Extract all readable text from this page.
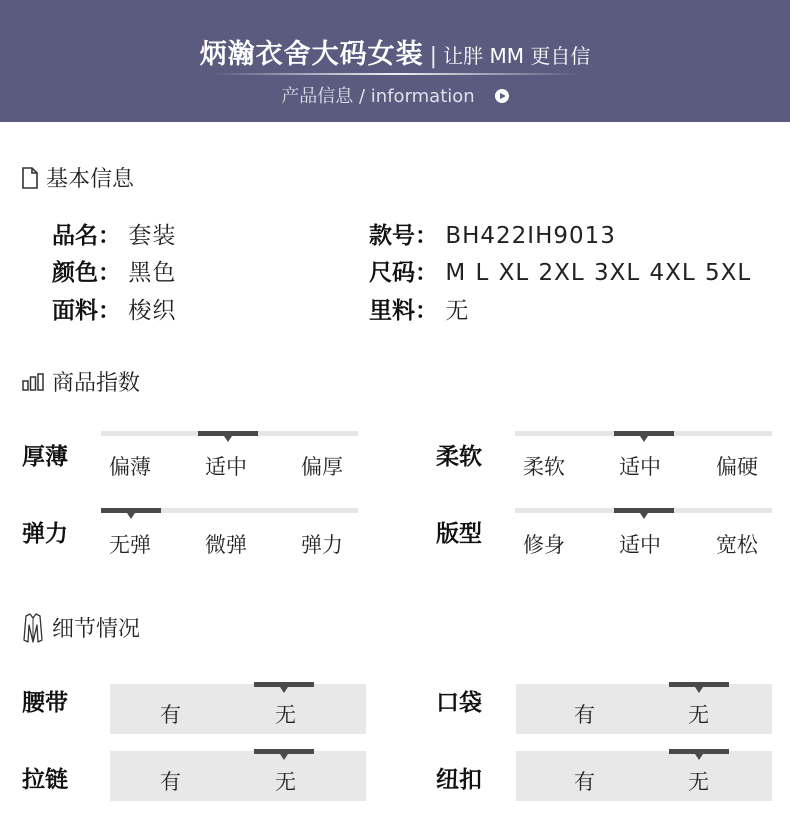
炳瀚衣舍大码女装 | 让胖 MM 更自信
产品信息 / information
基本信息
品名： 套装
颜色： 黑色
面料： 梭织
款号： BH422IH9013
尺码： M L XL 2XL 3XL 4XL 5XL
里料： 无
商品指数
厚薄 偏薄	适中	偏厚	柔软 柔软	适中	偏硬
弹力 无弹	微弹	弹力	版型 修身	适中	宽松
细节情况
腰带	有	无	口袋	有	无
拉链	有	无	纽扣	有	无
